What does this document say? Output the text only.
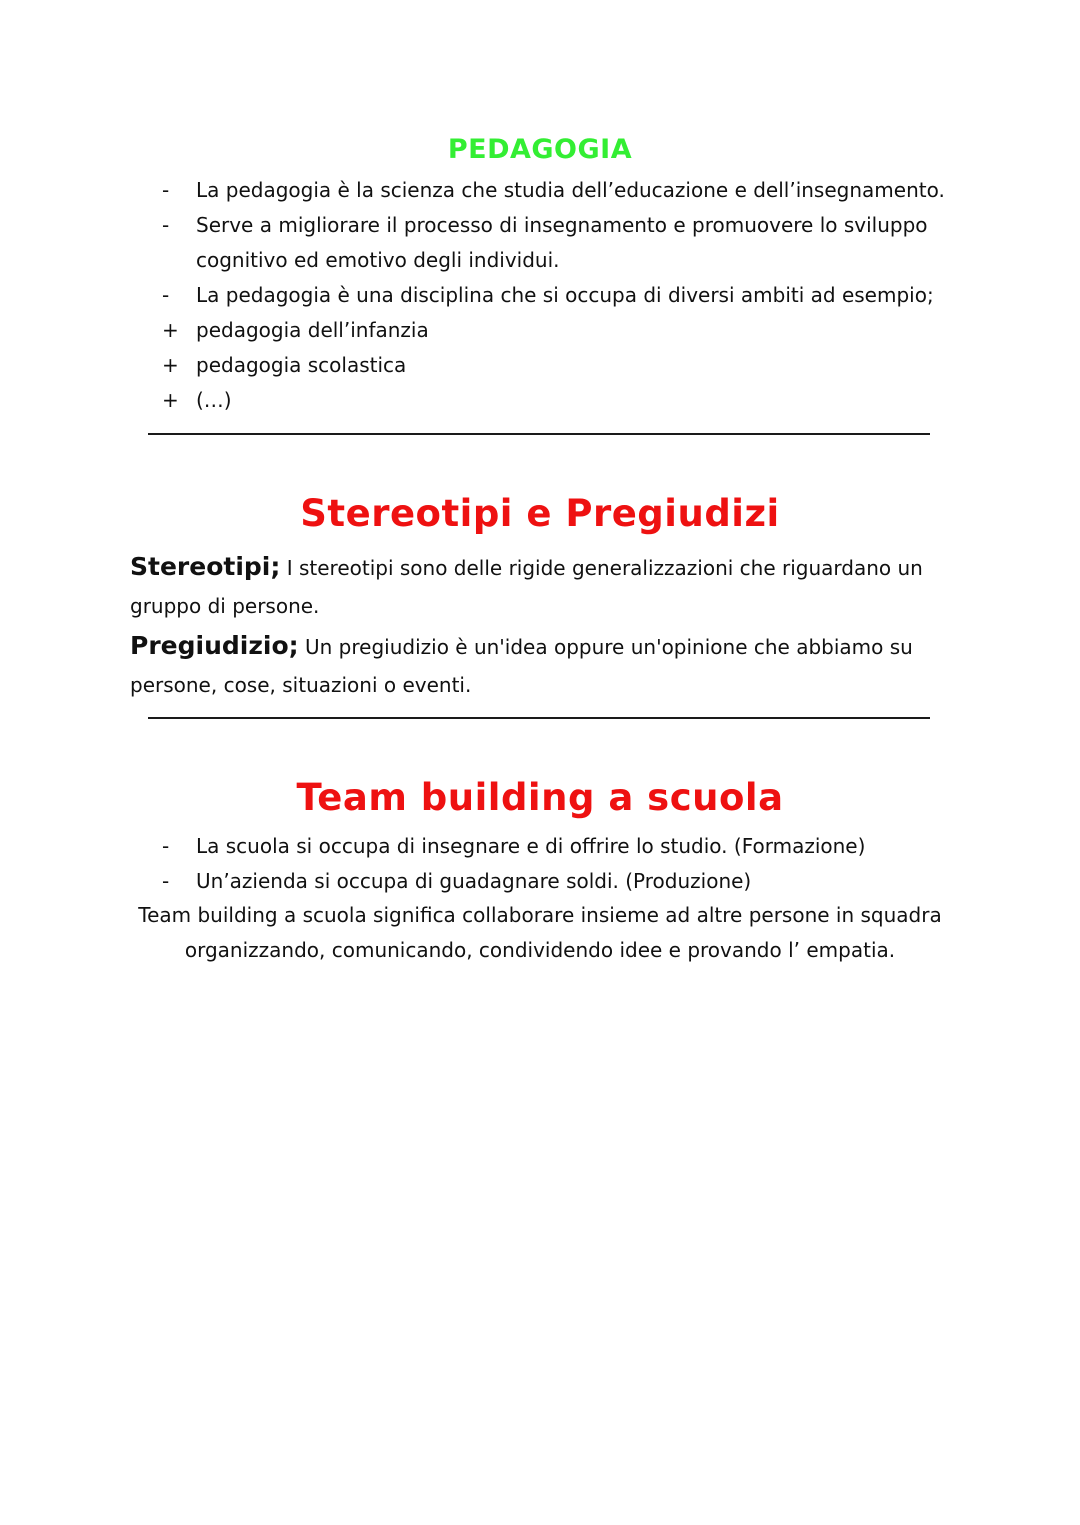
PEDAGOGIA
-	La pedagogia è la scienza che studia dell’educazione e dell’insegnamento.
-	Serve a migliorare il processo di insegnamento e promuovere lo sviluppo cognitivo ed emotivo degli individui.
-	La pedagogia è una disciplina che si occupa di diversi ambiti ad esempio;
+ pedagogia dell’infanzia
+ pedagogia scolastica
+ (…)
Stereotipi e Pregiudizi

Stereotipi; I stereotipi sono delle rigide generalizzazioni che riguardano un gruppo di persone.

Pregiudizio; Un pregiudizio è un'idea oppure un'opinione che abbiamo su persone, cose, situazioni o eventi.

Team building a scuola
-	La scuola si occupa di insegnare e di offrire lo studio. (Formazione)
-	Un’azienda si occupa di guadagnare soldi. (Produzione)

Team building a scuola significa collaborare insieme ad altre persone in squadra organizzando, comunicando, condividendo idee e provando l’ empatia.
